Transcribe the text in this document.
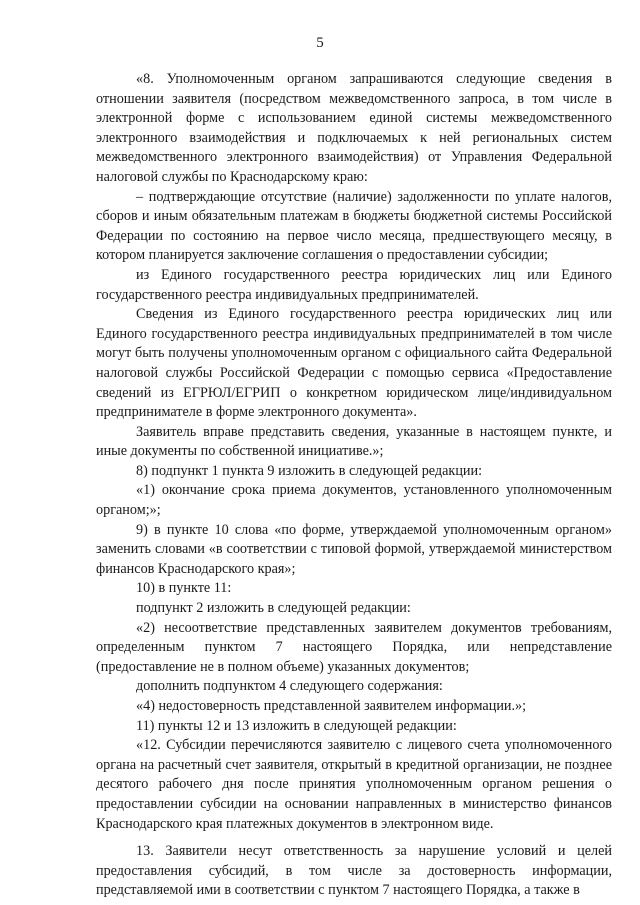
5

«8. Уполномоченным органом запрашиваются следующие сведения в отношении заявителя (посредством межведомственного запроса, в том числе в электронной форме с использованием единой системы межведомственного электронного взаимодействия и подключаемых к ней региональных систем межведомственного электронного взаимодействия) от Управления Федеральной налоговой службы по Краснодарскому краю:

– подтверждающие отсутствие (наличие) задолженности по уплате налогов, сборов и иным обязательным платежам в бюджеты бюджетной системы Российской Федерации по состоянию на первое число месяца, предшествующего месяцу, в котором планируется заключение соглашения о предоставлении субсидии;

из Единого государственного реестра юридических лиц или Единого государственного реестра индивидуальных предпринимателей.

Сведения из Единого государственного реестра юридических лиц или Единого государственного реестра индивидуальных предпринимателей в том числе могут быть получены уполномоченным органом с официального сайта Федеральной налоговой службы Российской Федерации с помощью сервиса «Предоставление сведений из ЕГРЮЛ/ЕГРИП о конкретном юридическом лице/индивидуальном предпринимателе в форме электронного документа».

Заявитель вправе представить сведения, указанные в настоящем пункте, и иные документы по собственной инициативе.»;

8) подпункт 1 пункта 9 изложить в следующей редакции:

«1) окончание срока приема документов, установленного уполномоченным органом;»;

9) в пункте 10 слова «по форме, утверждаемой уполномоченным органом» заменить словами «в соответствии с типовой формой, утверждаемой министерством финансов Краснодарского края»;

10) в пункте 11:

подпункт 2 изложить в следующей редакции:

«2) несоответствие представленных заявителем документов требованиям, определенным пунктом 7 настоящего Порядка, или непредставление (предоставление не в полном объеме) указанных документов;

дополнить подпунктом 4 следующего содержания:

«4) недостоверность представленной заявителем информации.»;

11) пункты 12 и 13 изложить в следующей редакции:

«12. Субсидии перечисляются заявителю с лицевого счета уполномоченного органа на расчетный счет заявителя, открытый в кредитной организации, не позднее десятого рабочего дня после принятия уполномоченным органом решения о предоставлении субсидии на основании направленных в министерство финансов Краснодарского края платежных документов в электронном виде.

13. Заявители несут ответственность за нарушение условий и целей предоставления субсидий, в том числе за достоверность информации, представляемой ими в соответствии с пунктом 7 настоящего Порядка, а также в
